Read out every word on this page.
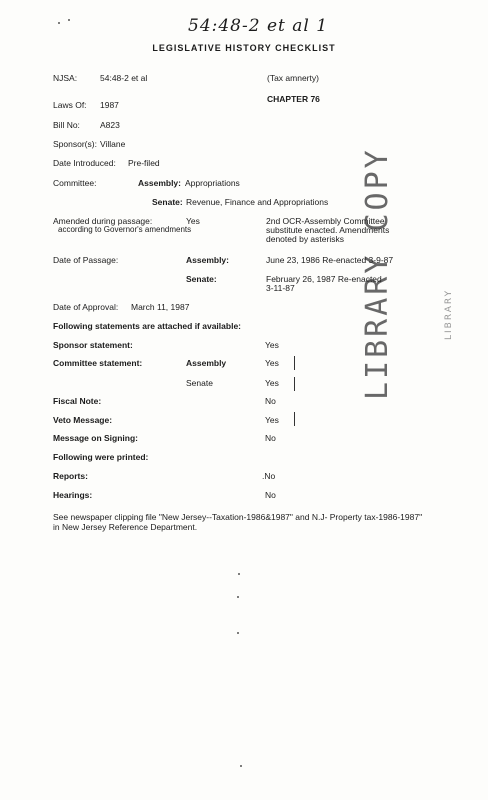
54:48-2 et al 1
LEGISLATIVE HISTORY CHECKLIST
NJSA:	54:48-2 et al	(Tax amnerty)
CHAPTER 76
Laws Of: 1987
Bill No: A823
Sponsor(s): Villane
Date Introduced: Pre-filed
Committee:	Assembly: Appropriations
Senate: Revenue, Finance and Appropriations
Amended during passage:	Yes
according to Governor's amendments
2nd OCR-Assembly Committee
substitute enacted. Amendments
denoted by asterisks
Date of Passage:	Assembly:	June 23, 1986 Re-enacted 3-9-87
Senate:	February 26, 1987 Re-enacted
3-11-87
Date of Approval: March 11, 1987
Following statements are attached if available:
Sponsor statement:	Yes
Committee statement:	Assembly	Yes
Senate	Yes
Fiscal Note:	No
Veto Message:	Yes
Message on Signing:	No
Following were printed:
Reports:	.No
Hearings:	No
See newspaper clipping file "New Jersey--Taxation-1986&1987" and N.J- Property tax-1986-1987" in New Jersey Reference Department.
LIBRARY COPY	LIBRARY
